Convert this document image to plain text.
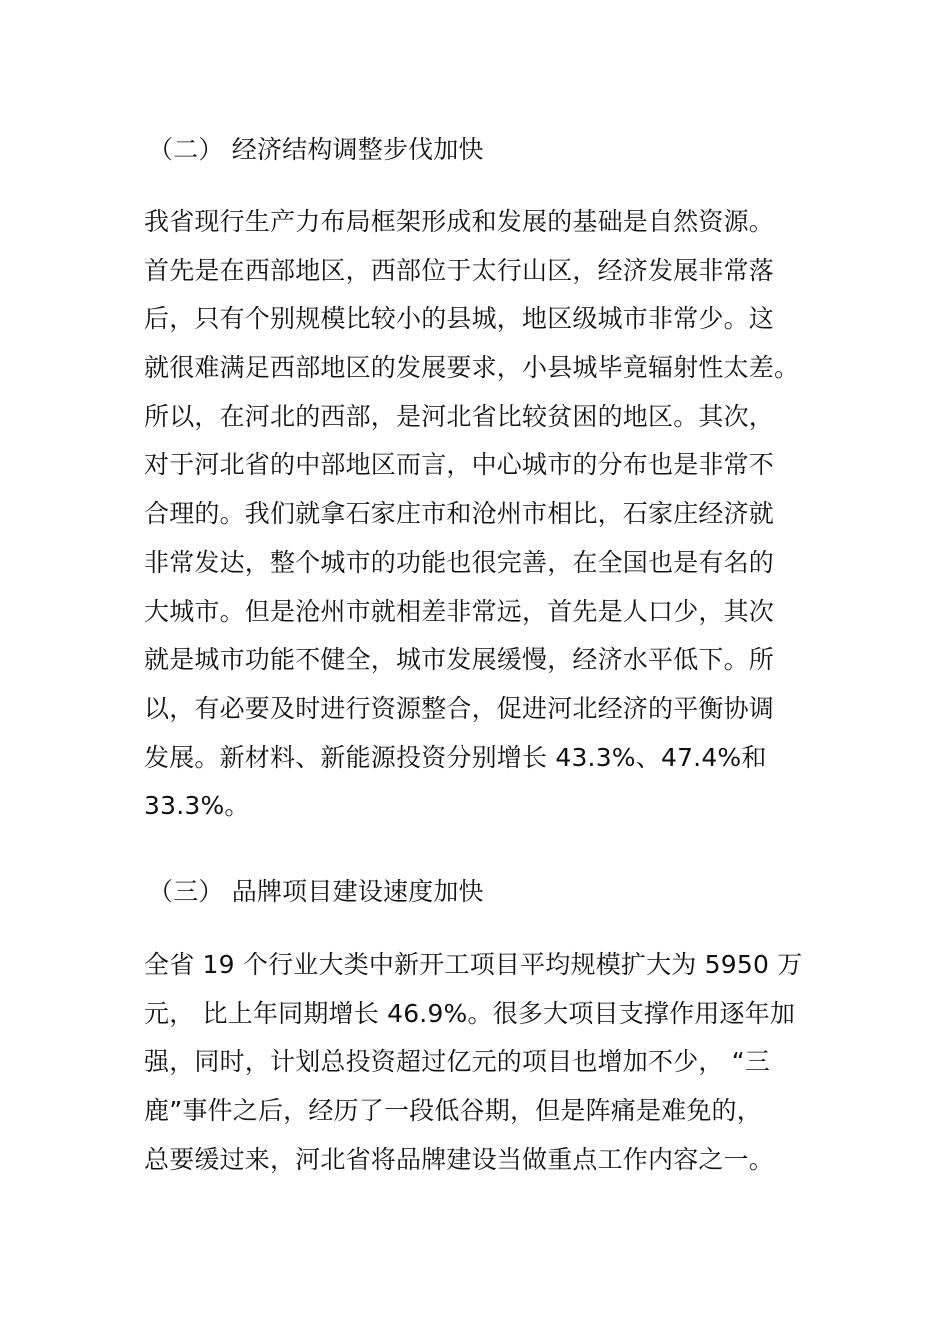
（二） 经济结构调整步伐加快
我省现行生产力布局框架形成和发展的基础是自然资源。
首先是在西部地区，西部位于太行山区，经济发展非常落
后，只有个别规模比较小的县城，地区级城市非常少。这
就很难满足西部地区的发展要求，小县城毕竟辐射性太差。
所以，在河北的西部，是河北省比较贫困的地区。其次，
对于河北省的中部地区而言，中心城市的分布也是非常不
合理的。我们就拿石家庄市和沧州市相比，石家庄经济就
非常发达，整个城市的功能也很完善，在全国也是有名的
大城市。但是沧州市就相差非常远，首先是人口少，其次
就是城市功能不健全，城市发展缓慢，经济水平低下。所
以，有必要及时进行资源整合，促进河北经济的平衡协调
发展。新材料、新能源投资分别增长 43.3%、47.4%和
33.3%。
（三） 品牌项目建设速度加快
全省 19 个行业大类中新开工项目平均规模扩大为 5950 万
元， 比上年同期增长 46.9%。很多大项目支撑作用逐年加
强，同时，计划总投资超过亿元的项目也增加不少， “三
鹿”事件之后，经历了一段低谷期，但是阵痛是难免的，
总要缓过来，河北省将品牌建设当做重点工作内容之一。
